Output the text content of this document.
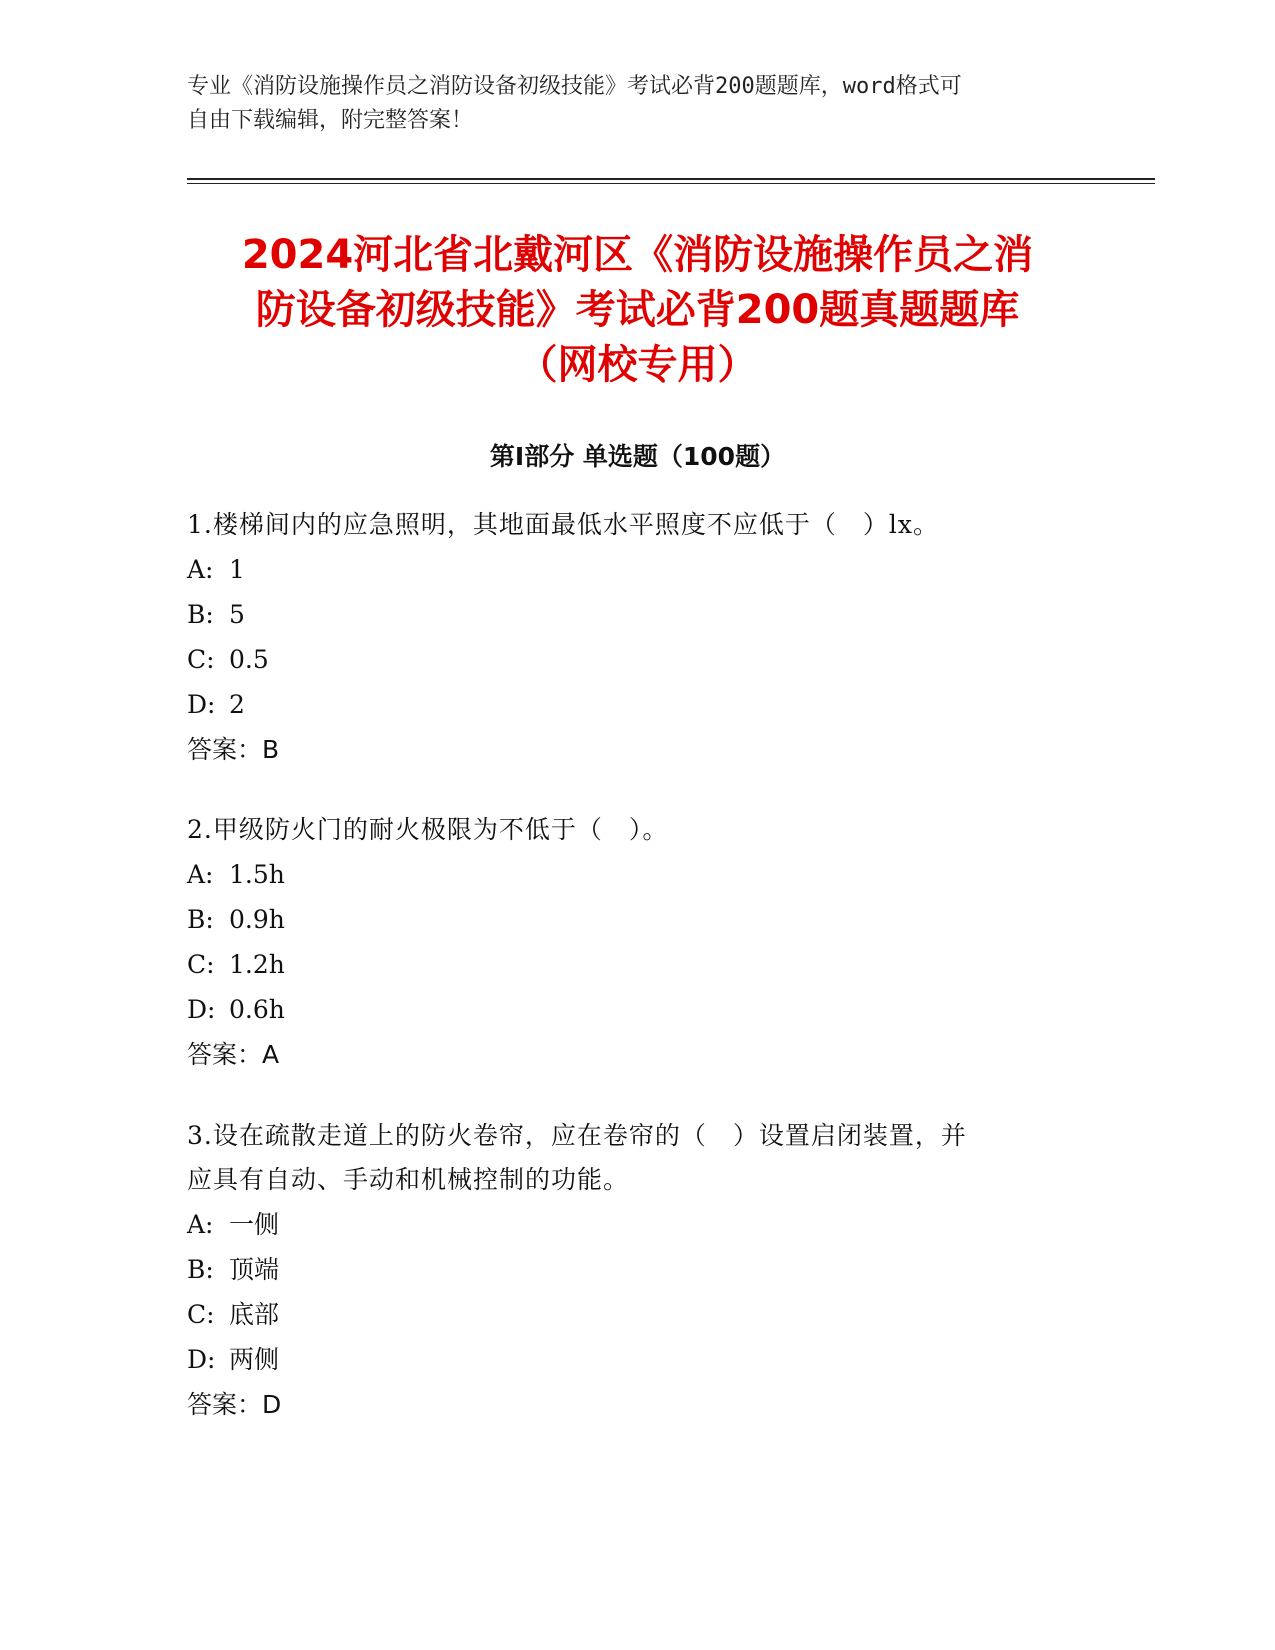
专业《消防设施操作员之消防设备初级技能》考试必背200题题库，word格式可
自由下载编辑，附完整答案！
2024河北省北戴河区《消防设施操作员之消
防设备初级技能》考试必背200题真题题库
（网校专用）
第Ⅰ部分 单选题（100题）
1.楼梯间内的应急照明，其地面最低水平照度不应低于（　）lx。
A: 1
B: 5
C: 0.5
D: 2
答案：B
2.甲级防火门的耐火极限为不低于（　）。
A: 1.5h
B: 0.9h
C: 1.2h
D: 0.6h
答案：A
3.设在疏散走道上的防火卷帘，应在卷帘的（　）设置启闭装置，并
应具有自动、手动和机械控制的功能。
A: 一侧
B: 顶端
C: 底部
D: 两侧
答案：D
